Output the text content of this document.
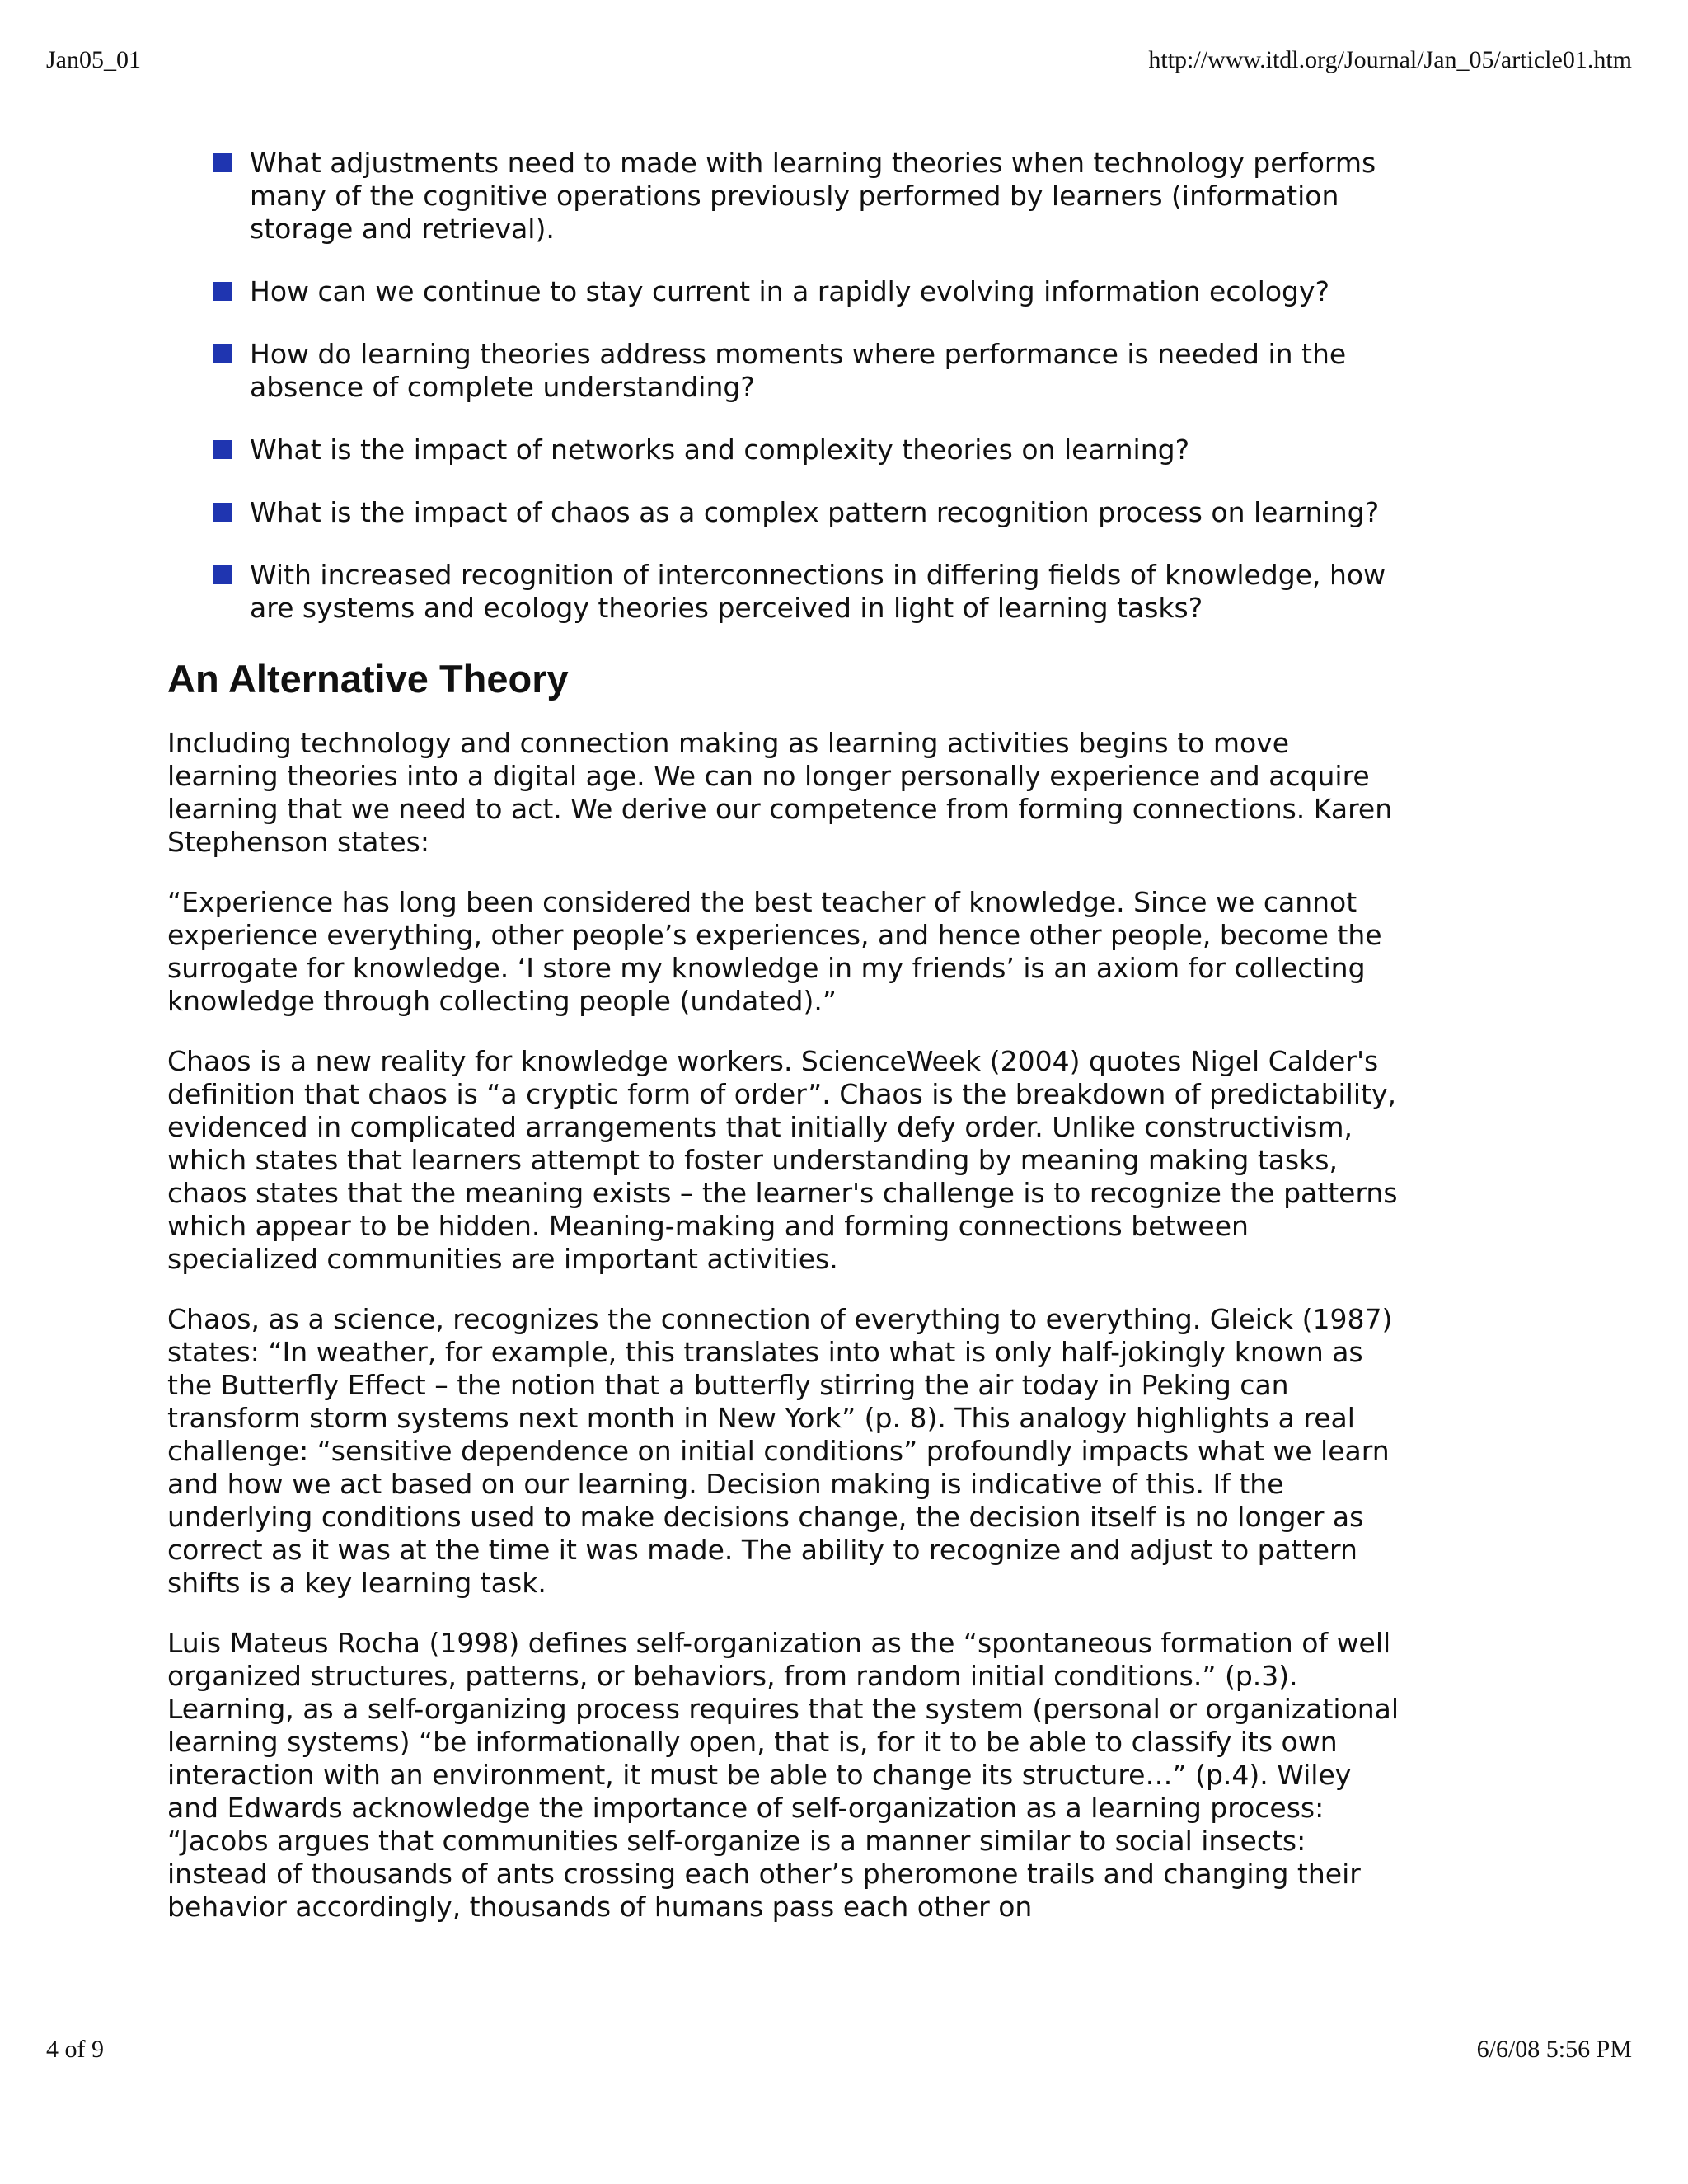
Jan05_01	http://www.itdl.org/Journal/Jan_05/article01.htm
What adjustments need to made with learning theories when technology performs many of the cognitive operations previously performed by learners (information storage and retrieval).
How can we continue to stay current in a rapidly evolving information ecology?
How do learning theories address moments where performance is needed in the absence of complete understanding?
What is the impact of networks and complexity theories on learning?
What is the impact of chaos as a complex pattern recognition process on learning?
With increased recognition of interconnections in differing fields of knowledge, how are systems and ecology theories perceived in light of learning tasks?
An Alternative Theory

Including technology and connection making as learning activities begins to move learning theories into a digital age. We can no longer personally experience and acquire learning that we need to act. We derive our competence from forming connections. Karen Stephenson states:

“Experience has long been considered the best teacher of knowledge. Since we cannot experience everything, other people’s experiences, and hence other people, become the surrogate for knowledge. ‘I store my knowledge in my friends’ is an axiom for collecting knowledge through collecting people (undated).”

Chaos is a new reality for knowledge workers. ScienceWeek (2004) quotes Nigel Calder's definition that chaos is “a cryptic form of order”. Chaos is the breakdown of predictability, evidenced in complicated arrangements that initially defy order. Unlike constructivism, which states that learners attempt to foster understanding by meaning making tasks, chaos states that the meaning exists – the learner's challenge is to recognize the patterns which appear to be hidden. Meaning-making and forming connections between specialized communities are important activities.

Chaos, as a science, recognizes the connection of everything to everything. Gleick (1987) states: “In weather, for example, this translates into what is only half-jokingly known as the Butterfly Effect – the notion that a butterfly stirring the air today in Peking can transform storm systems next month in New York” (p. 8). This analogy highlights a real challenge: “sensitive dependence on initial conditions” profoundly impacts what we learn and how we act based on our learning. Decision making is indicative of this. If the underlying conditions used to make decisions change, the decision itself is no longer as correct as it was at the time it was made. The ability to recognize and adjust to pattern shifts is a key learning task.

Luis Mateus Rocha (1998) defines self-organization as the “spontaneous formation of well organized structures, patterns, or behaviors, from random initial conditions.” (p.3). Learning, as a self-organizing process requires that the system (personal or organizational learning systems) “be informationally open, that is, for it to be able to classify its own interaction with an environment, it must be able to change its structure…” (p.4). Wiley and Edwards acknowledge the importance of self-organization as a learning process: “Jacobs argues that communities self-organize is a manner similar to social insects: instead of thousands of ants crossing each other’s pheromone trails and changing their behavior accordingly, thousands of humans pass each other on

4 of 9	6/6/08 5:56 PM
